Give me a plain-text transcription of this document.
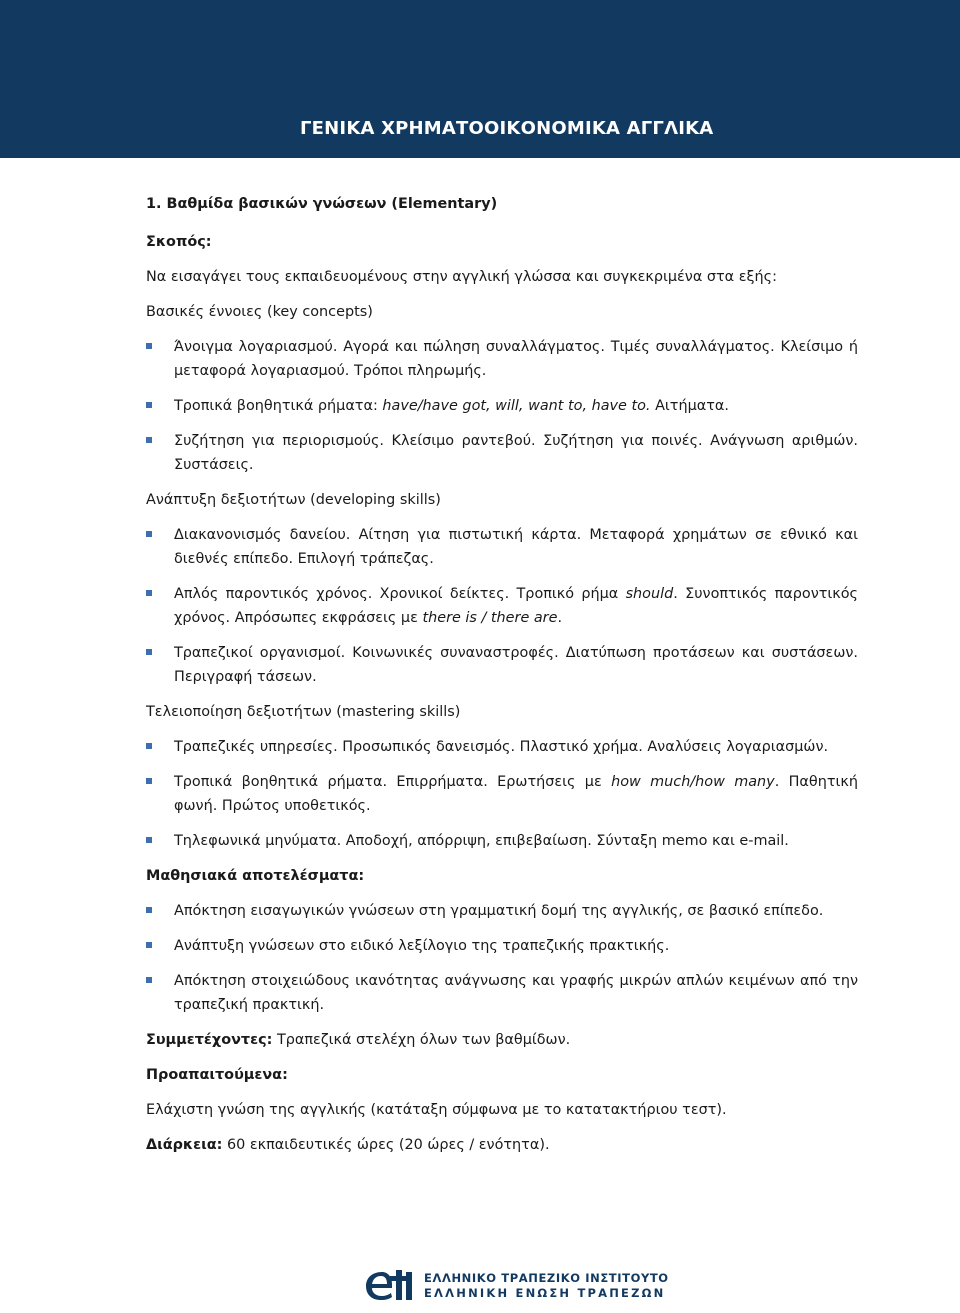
ΓΕΝΙΚΑ ΧΡΗΜΑΤΟΟΙΚΟΝΟΜΙΚΑ ΑΓΓΛΙΚΑ

1. Βαθμίδα βασικών γνώσεων (Elementary)

Σκοπός:

Να εισαγάγει τους εκπαιδευομένους στην αγγλική γλώσσα και συγκεκριμένα στα εξής:

Βασικές έννοιες (key concepts)

Άνοιγμα λογαριασμού. Αγορά και πώληση συναλλάγματος. Τιμές συναλλάγματος. Κλείσιμο ή μεταφορά λογαριασμού. Τρόποι πληρωμής.
Τροπικά βοηθητικά ρήματα: have/have got, will, want to, have to. Αιτήματα.
Συζήτηση για περιορισμούς. Κλείσιμο ραντεβού. Συζήτηση για ποινές. Ανάγνωση αριθμών. Συστάσεις.

Ανάπτυξη δεξιοτήτων (developing skills)

Διακανονισμός δανείου. Αίτηση για πιστωτική κάρτα. Μεταφορά χρημάτων σε εθνικό και διεθνές επίπεδο. Επιλογή τράπεζας.
Απλός παροντικός χρόνος. Χρονικοί δείκτες. Τροπικό ρήμα should. Συνοπτικός παροντικός χρόνος. Απρόσωπες εκφράσεις με there is / there are.
Τραπεζικοί οργανισμοί. Κοινωνικές συναναστροφές. Διατύπωση προτάσεων και συστάσεων. Περιγραφή τάσεων.

Τελειοποίηση δεξιοτήτων (mastering skills)

Τραπεζικές υπηρεσίες. Προσωπικός δανεισμός. Πλαστικό χρήμα. Αναλύσεις λογαριασμών.
Τροπικά βοηθητικά ρήματα. Επιρρήματα. Ερωτήσεις με how much/how many. Παθητική φωνή. Πρώτος υποθετικός.
Τηλεφωνικά μηνύματα. Αποδοχή, απόρριψη, επιβεβαίωση. Σύνταξη memo και e-mail.

Μαθησιακά αποτελέσματα:

Απόκτηση εισαγωγικών γνώσεων στη γραμματική δομή της αγγλικής, σε βασικό επίπεδο.
Ανάπτυξη γνώσεων στο ειδικό λεξίλογιο της τραπεζικής πρακτικής.
Απόκτηση στοιχειώδους ικανότητας ανάγνωσης και γραφής μικρών απλών κειμένων από την τραπεζική πρακτική.

Συμμετέχοντες: Τραπεζικά στελέχη όλων των βαθμίδων.

Προαπαιτούμενα:

Ελάχιστη γνώση της αγγλικής (κατάταξη σύμφωνα με το κατατακτήριου τεστ).

Διάρκεια: 60 εκπαιδευτικές ώρες (20 ώρες / ενότητα).

ΕΛΛΗΝΙΚΟ ΤΡΑΠΕΖΙΚΟ ΙΝΣΤΙΤΟΥΤΟ
ΕΛΛΗΝΙΚΗ ΕΝΩΣΗ ΤΡΑΠΕΖΩΝ
